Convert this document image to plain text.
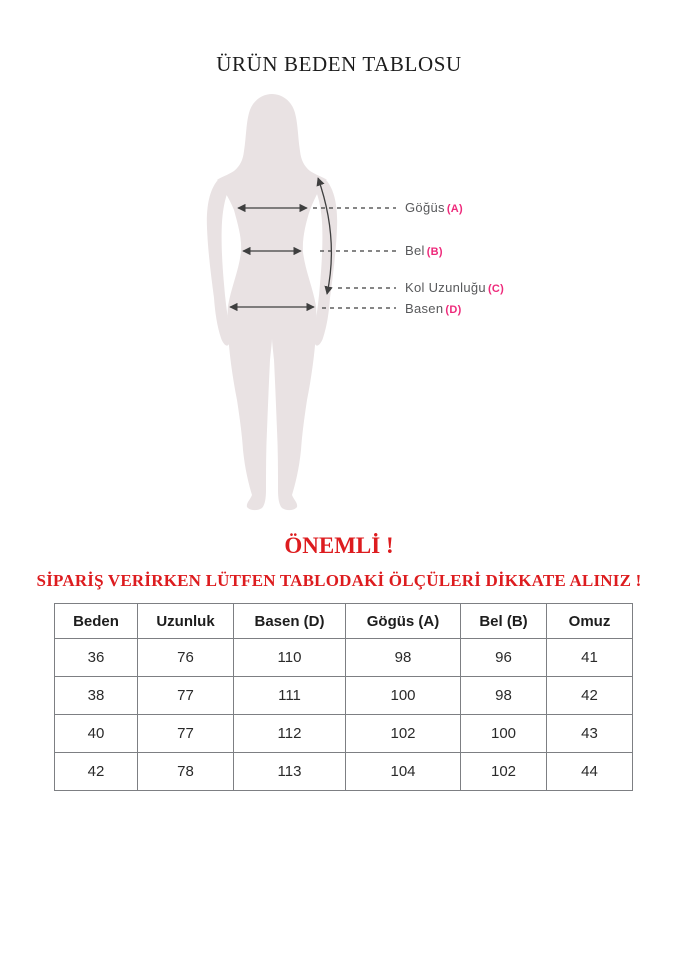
ÜRÜN BEDEN TABLOSU
Göğüs (A)
Bel (B)
Kol Uzunluğu (C)
Basen (D)
ÖNEMLİ !
SİPARİŞ VERİRKEN LÜTFEN TABLODAKİ ÖLÇÜLERİ DİKKATE ALINIZ !
Beden	Uzunluk	Basen (D)	Gögüs (A)	Bel (B)	Omuz
36	76	110	98	96	41
38	77	111	100	98	42
40	77	112	102	100	43
42	78	113	104	102	44
